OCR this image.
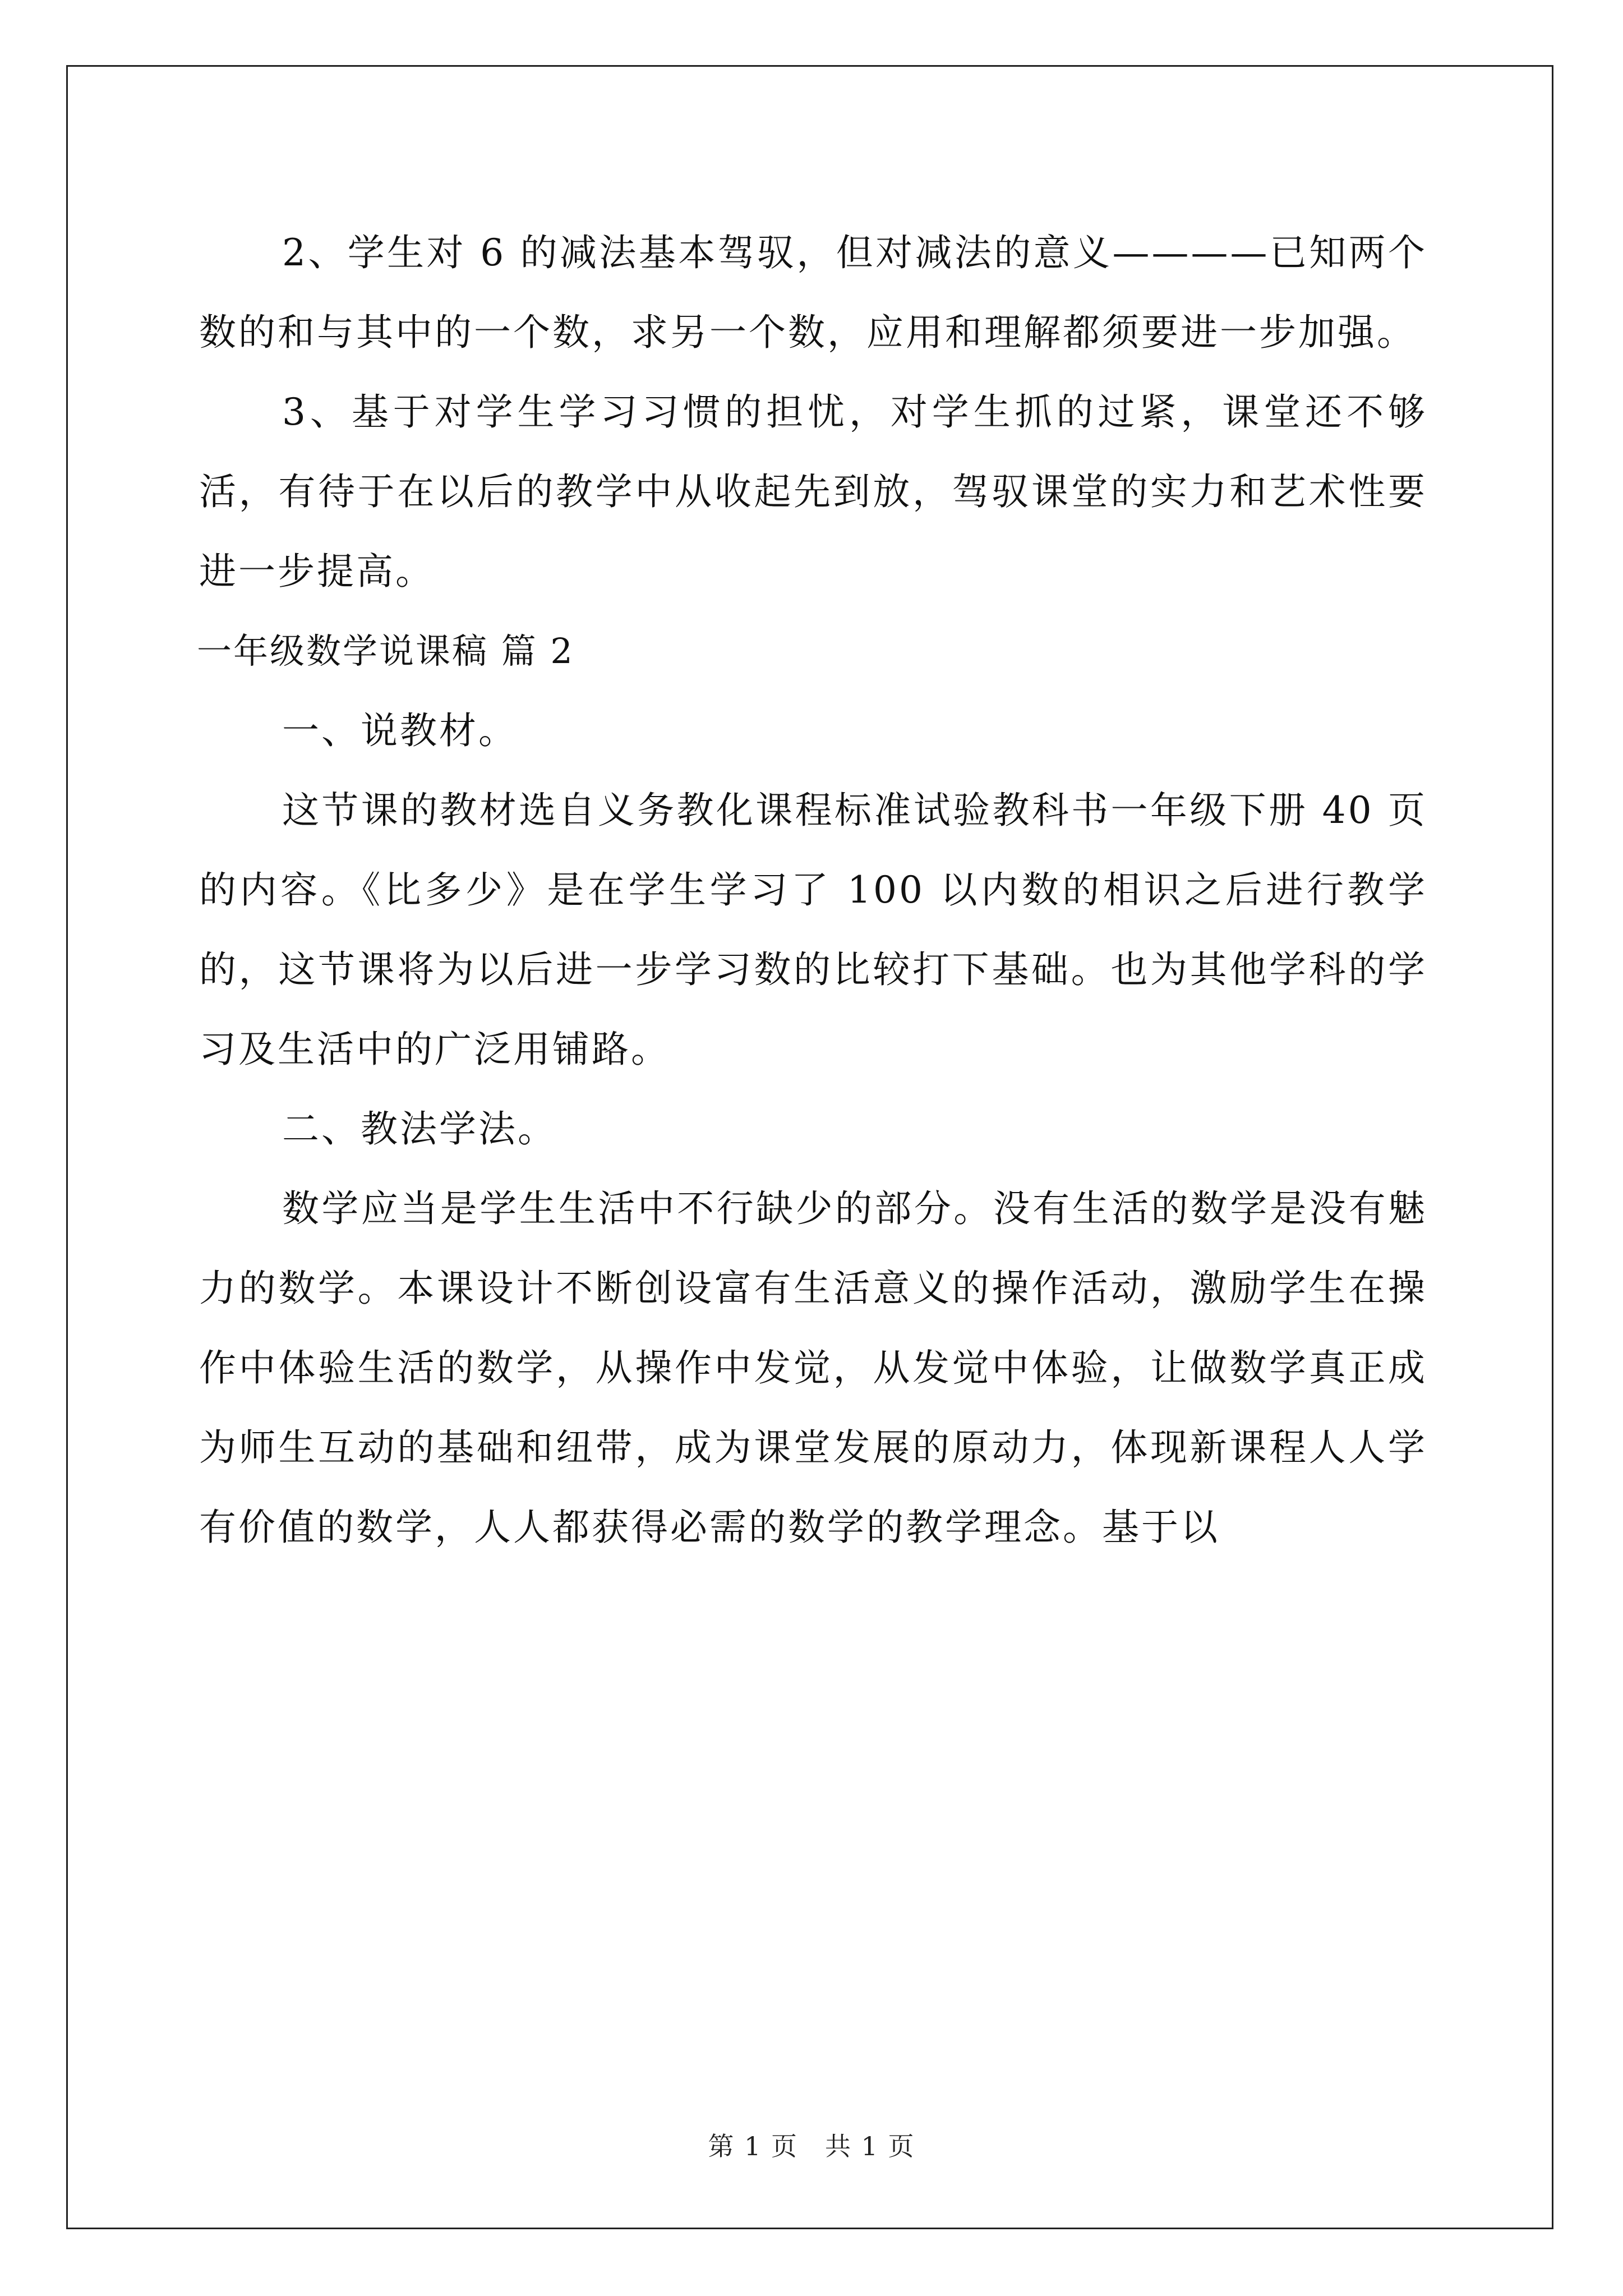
2、学生对 6 的减法基本驾驭，但对减法的意义————已知两个数的和与其中的一个数，求另一个数，应用和理解都须要进一步加强。

3、基于对学生学习习惯的担忧，对学生抓的过紧，课堂还不够活，有待于在以后的教学中从收起先到放，驾驭课堂的实力和艺术性要进一步提高。

一年级数学说课稿 篇 2

一、说教材。

这节课的教材选自义务教化课程标准试验教科书一年级下册 40 页的内容。《比多少》是在学生学习了 100 以内数的相识之后进行教学的，这节课将为以后进一步学习数的比较打下基础。也为其他学科的学习及生活中的广泛用铺路。

二、教法学法。

数学应当是学生生活中不行缺少的部分。没有生活的数学是没有魅力的数学。本课设计不断创设富有生活意义的操作活动，激励学生在操作中体验生活的数学，从操作中发觉，从发觉中体验，让做数学真正成为师生互动的基础和纽带，成为课堂发展的原动力，体现新课程人人学有价值的数学，人人都获得必需的数学的教学理念。基于以

第 1 页　共 1 页
